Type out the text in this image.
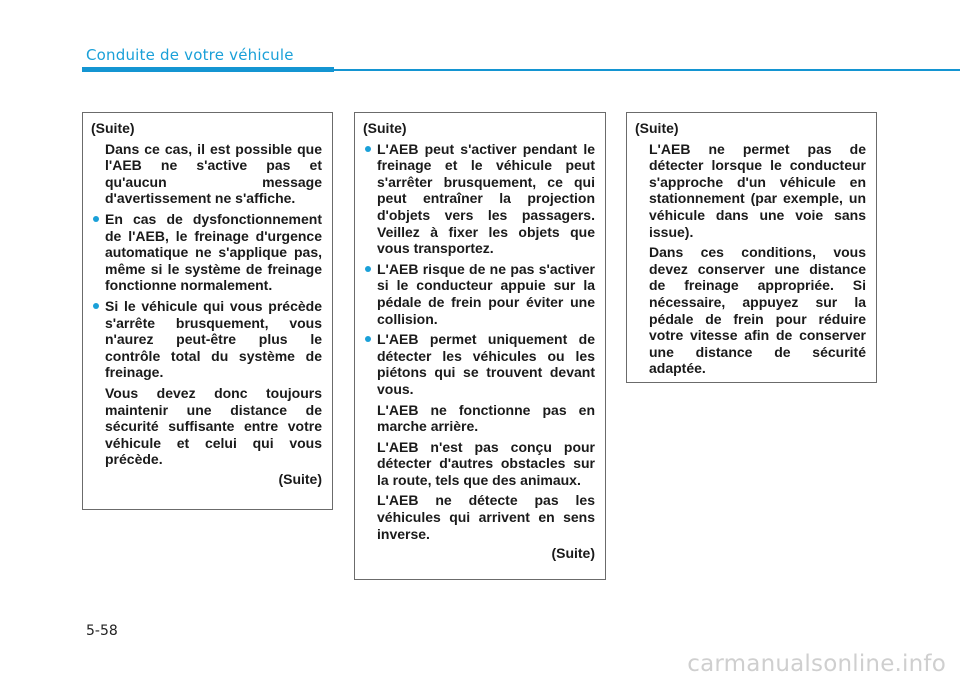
Conduite de votre véhicule

(Suite)

Dans ce cas, il est possible que l'AEB ne s'active pas et qu'aucun message d'avertissement ne s'affiche.

En cas de dysfonctionnement de l'AEB, le freinage d'urgence automatique ne s'applique pas, même si le système de freinage fonctionne normalement.

Si le véhicule qui vous précède s'arrête brusquement, vous n'aurez peut-être plus le contrôle total du système de freinage.

Vous devez donc toujours maintenir une distance de sécurité suffisante entre votre véhicule et celui qui vous précède.

(Suite)

(Suite)

L'AEB peut s'activer pendant le freinage et le véhicule peut s'arrêter brusquement, ce qui peut entraîner la projection d'objets vers les passagers. Veillez à fixer les objets que vous transportez.

L'AEB risque de ne pas s'activer si le conducteur appuie sur la pédale de frein pour éviter une collision.

L'AEB permet uniquement de détecter les véhicules ou les piétons qui se trouvent devant vous.

L'AEB ne fonctionne pas en marche arrière.

L'AEB n'est pas conçu pour détecter d'autres obstacles sur la route, tels que des animaux.

L'AEB ne détecte pas les véhicules qui arrivent en sens inverse.

(Suite)

(Suite)

L'AEB ne permet pas de détecter lorsque le conducteur s'approche d'un véhicule en stationnement (par exemple, un véhicule dans une voie sans issue).

Dans ces conditions, vous devez conserver une distance de freinage appropriée. Si nécessaire, appuyez sur la pédale de frein pour réduire votre vitesse afin de conserver une distance de sécurité adaptée.

5-58
carmanualsonline.info
